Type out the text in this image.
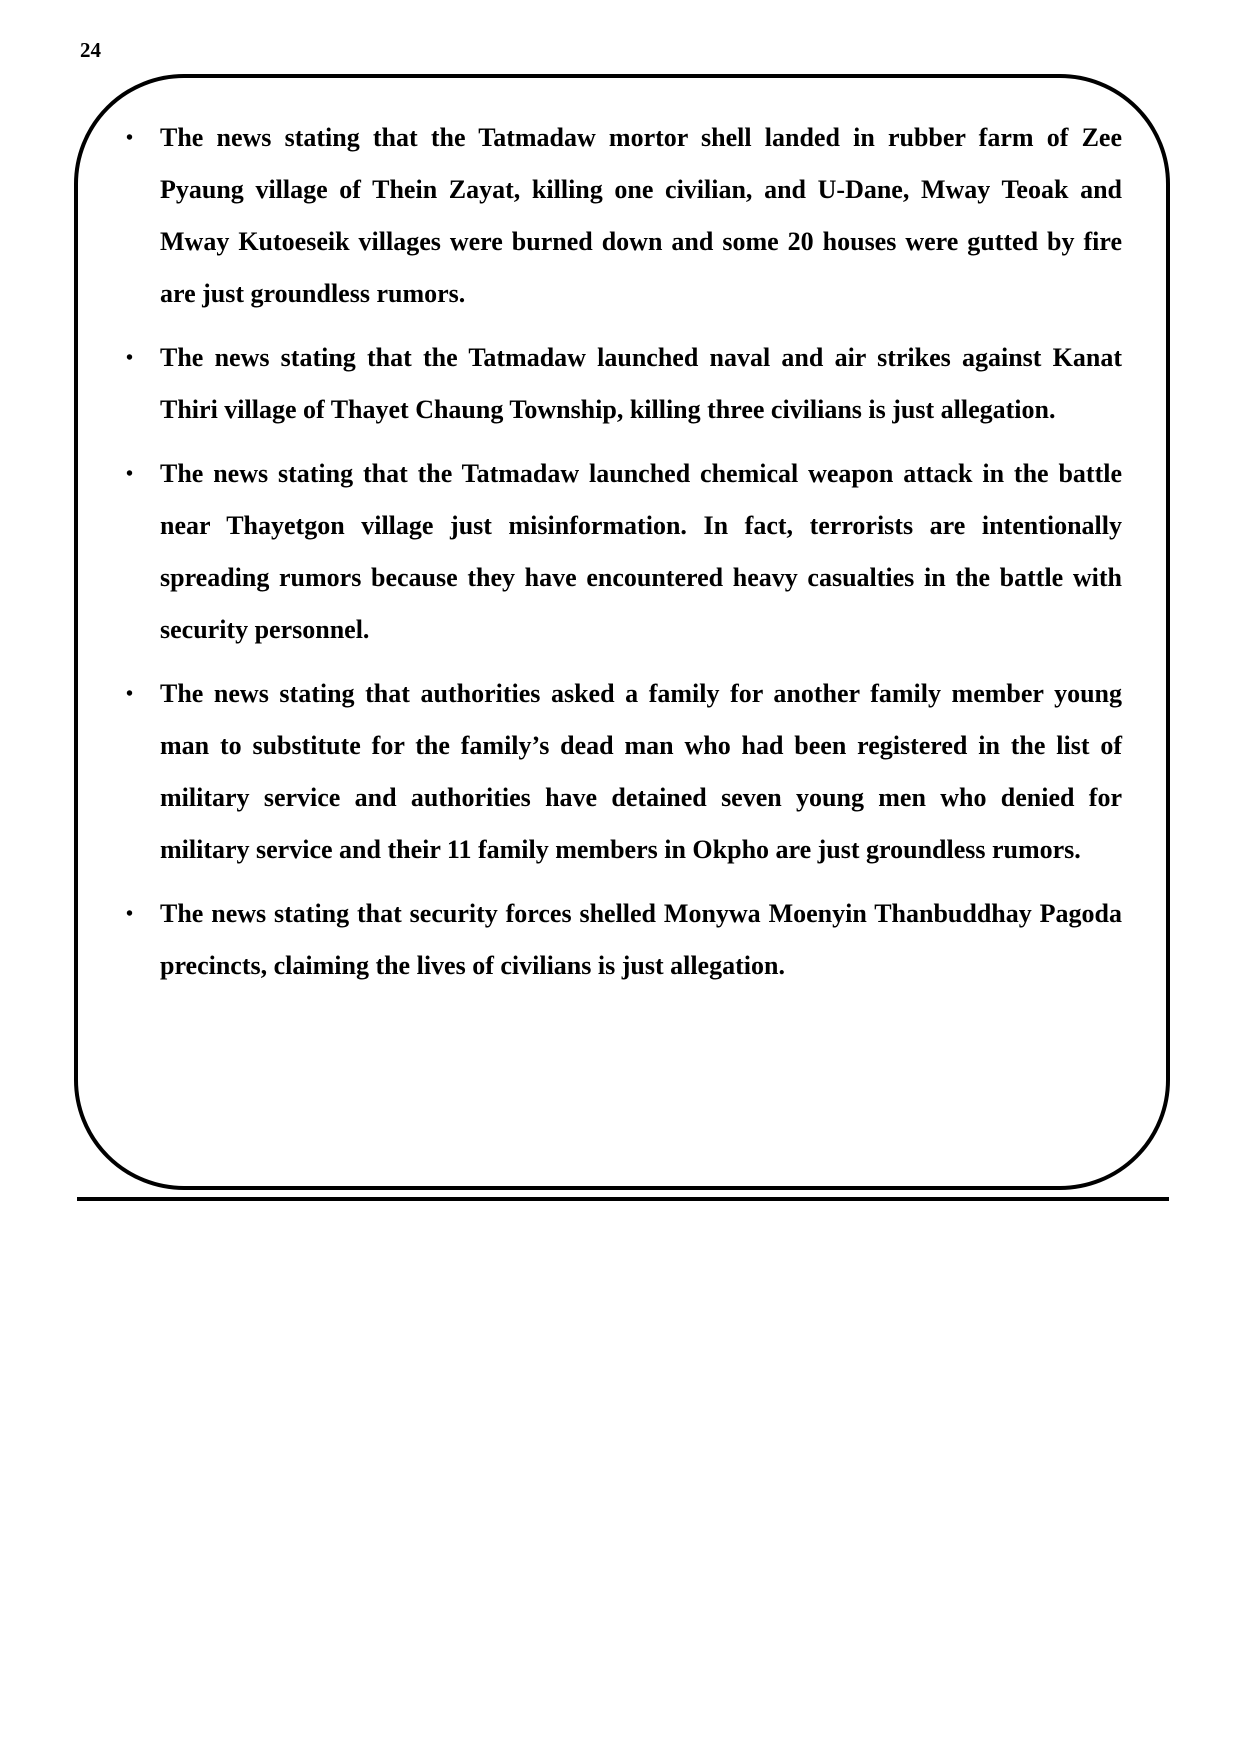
24
• The news stating that the Tatmadaw mortor shell landed in rubber farm of Zee Pyaung village of Thein Zayat, killing one civilian, and U-Dane, Mway Teoak and Mway Kutoeseik villages were burned down and some 20 houses were gutted by fire are just groundless rumors.
• The news stating that the Tatmadaw launched naval and air strikes against Kanat Thiri village of Thayet Chaung Township, killing three civilians is just allegation.
• The news stating that the Tatmadaw launched chemical weapon attack in the battle near Thayetgon village just misinformation. In fact, terrorists are intentionally spreading rumors because they have encountered heavy casualties in the battle with security personnel.
• The news stating that authorities asked a family for another family member young man to substitute for the family’s dead man who had been registered in the list of military service and authorities have detained seven young men who denied for military service and their 11 family members in Okpho are just groundless rumors.
• The news stating that security forces shelled Monywa Moenyin Thanbuddhay Pagoda precincts, claiming the lives of civilians is just allegation.
